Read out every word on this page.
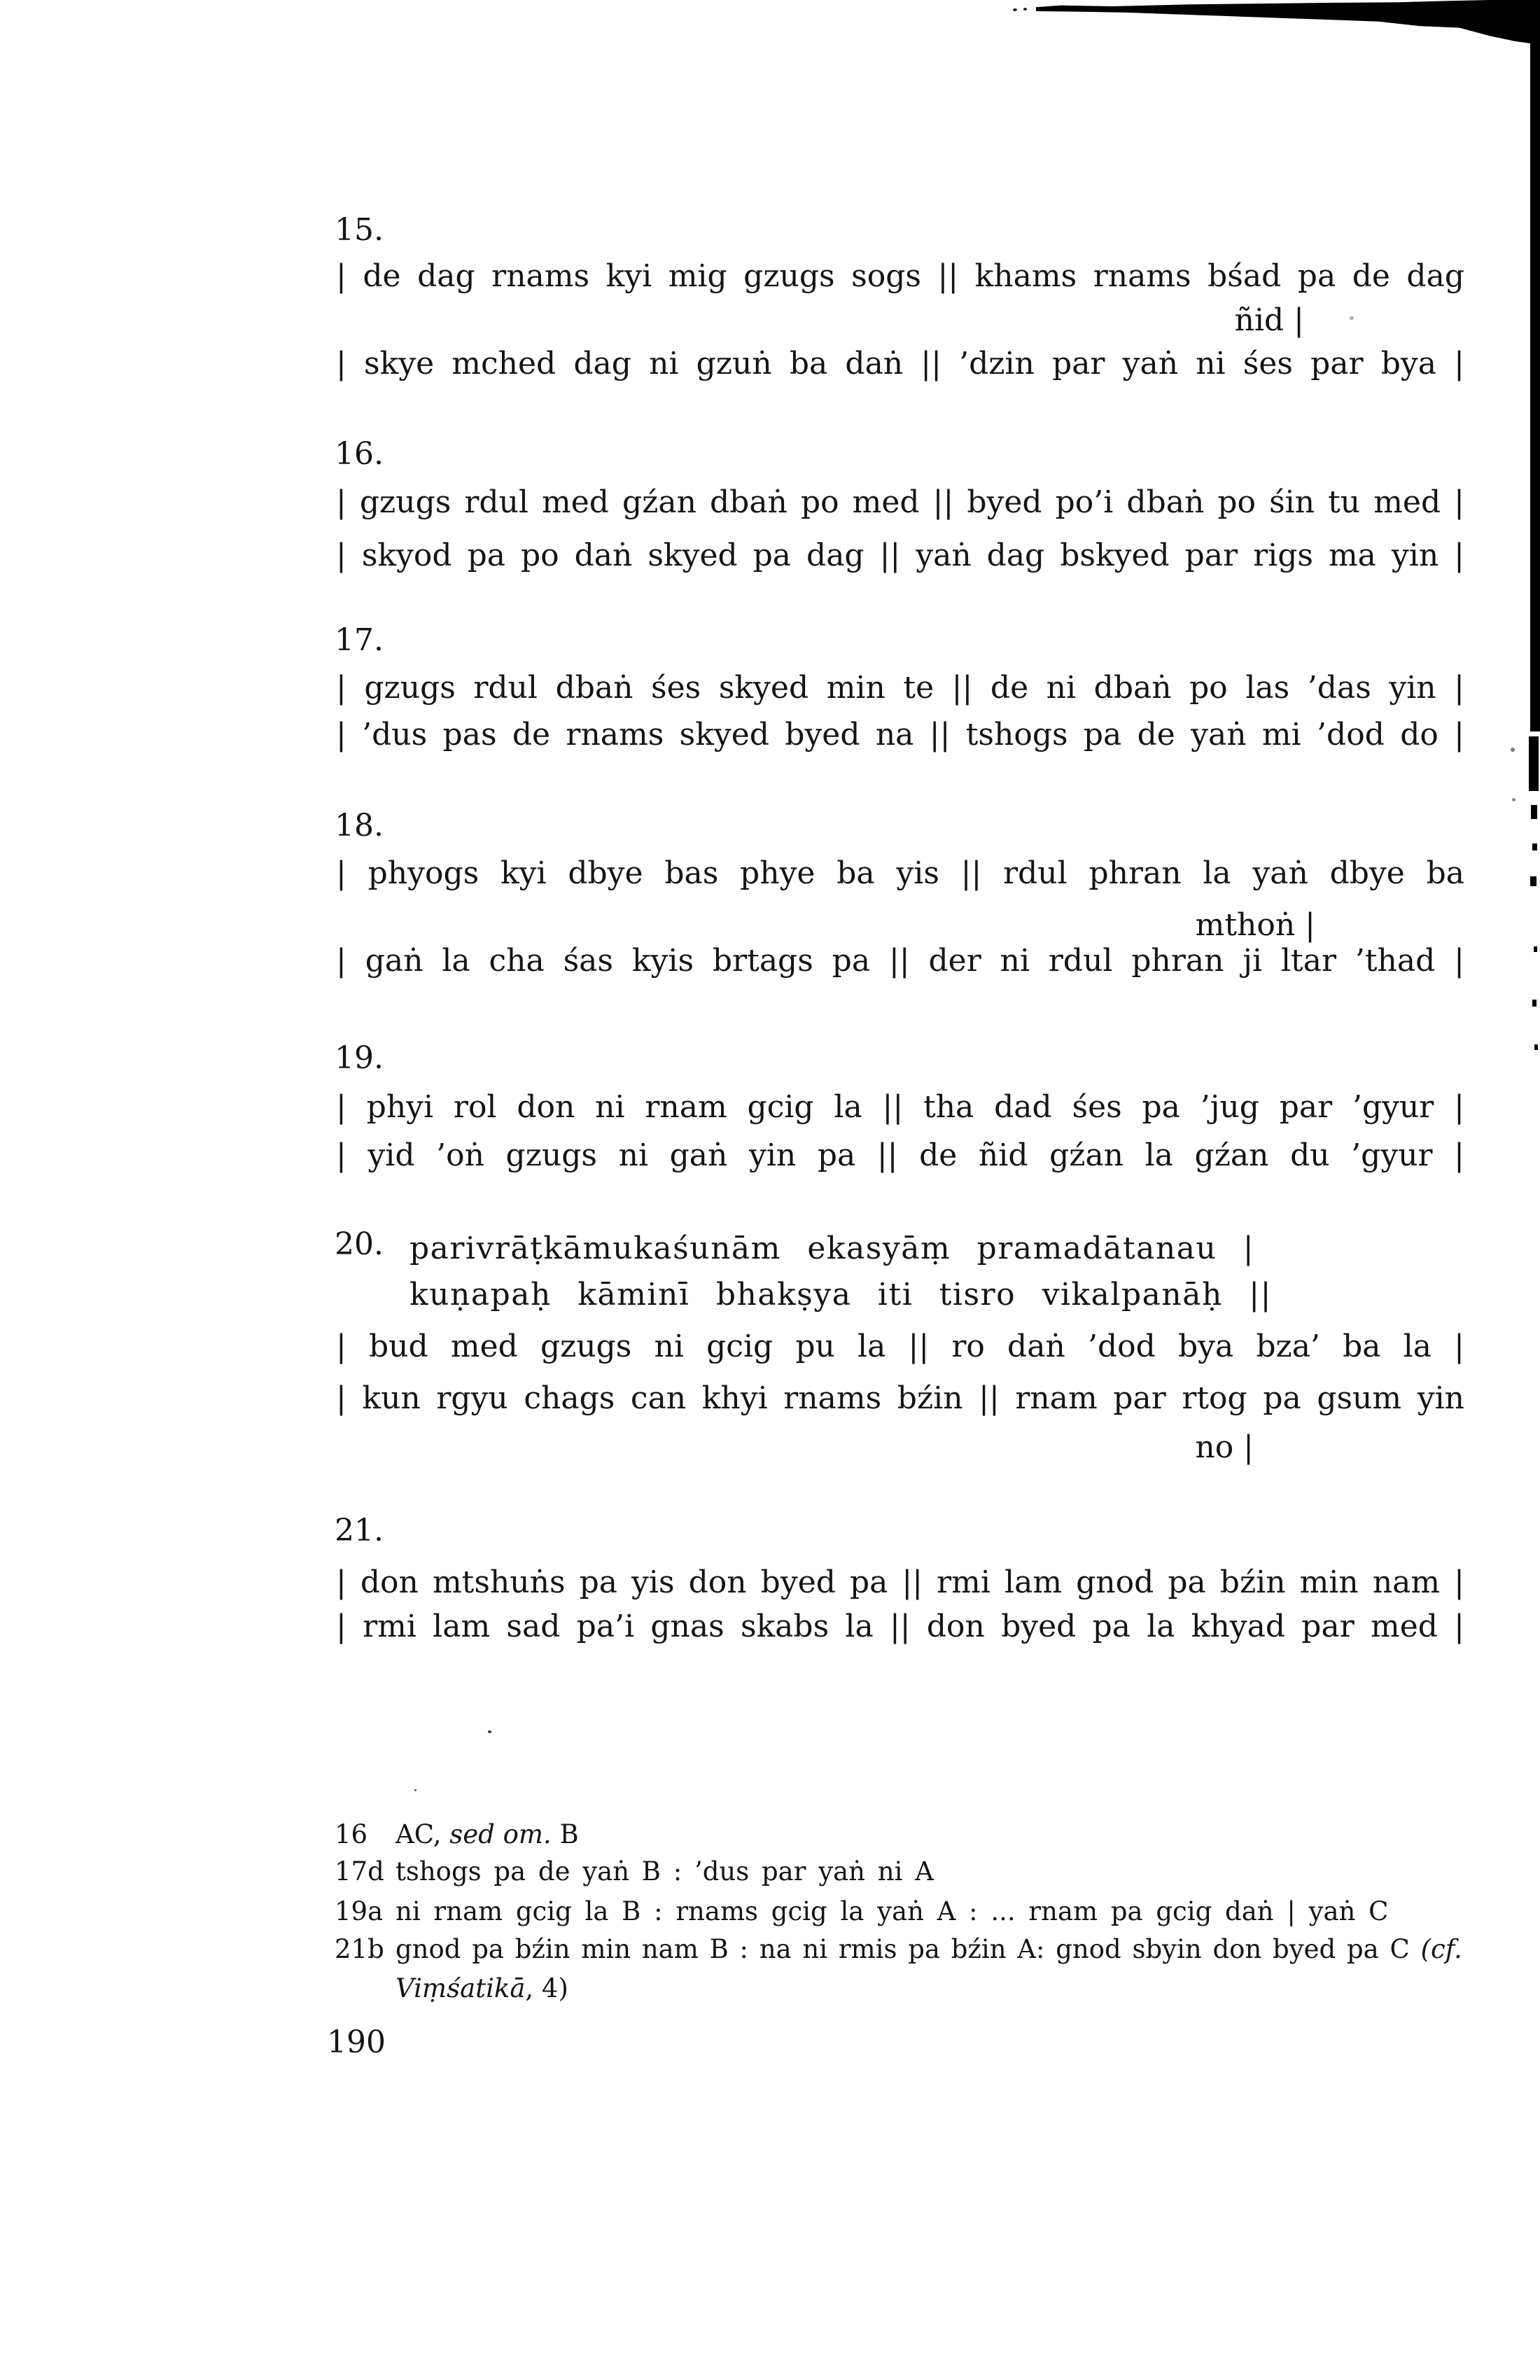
15.
| de dag rnams kyi mig gzugs sogs || khams rnams bśad pa de dag
ñid |
| skye mched dag ni gzuṅ ba daṅ || ’dzin par yaṅ ni śes par bya |
16.
| gzugs rdul med gźan dbaṅ po med || byed po’i dbaṅ po śin tu med |
| skyod pa po daṅ skyed pa dag || yaṅ dag bskyed par rigs ma yin |
17.
| gzugs rdul dbaṅ śes skyed min te || de ni dbaṅ po las ’das yin |
| ’dus pas de rnams skyed byed na || tshogs pa de yaṅ mi ’dod do |
18.
| phyogs kyi dbye bas phye ba yis || rdul phran la yaṅ dbye ba
mthoṅ |
| gaṅ la cha śas kyis brtags pa || der ni rdul phran ji ltar ’thad |
19.
| phyi rol don ni rnam gcig la || tha dad śes pa ’jug par ’gyur |
| yid ’oṅ gzugs ni gaṅ yin pa || de ñid gźan la gźan du ’gyur |
20. parivrāṭkāmukaśunām ekasyāṃ pramadātanau |
kuṇapaḥ kāminī bhakṣya iti tisro vikalpanāḥ ||
| bud med gzugs ni gcig pu la || ro daṅ ’dod bya bza’ ba la |
| kun rgyu chags can khyi rnams bźin || rnam par rtog pa gsum yin
no |
21.
| don mtshuṅs pa yis don byed pa || rmi lam gnod pa bźin min nam |
| rmi lam sad pa’i gnas skabs la || don byed pa la khyad par med |
16	AC, sed om. B
17d tshogs pa de yaṅ B : ’dus par yaṅ ni A
19a ni rnam gcig la B : rnams gcig la yaṅ A : ... rnam pa gcig daṅ | yaṅ C
21b gnod pa bźin min nam B : na ni rmis pa bźin A: gnod sbyin don byed pa C (cf.
Viṃśatikā, 4)
190
